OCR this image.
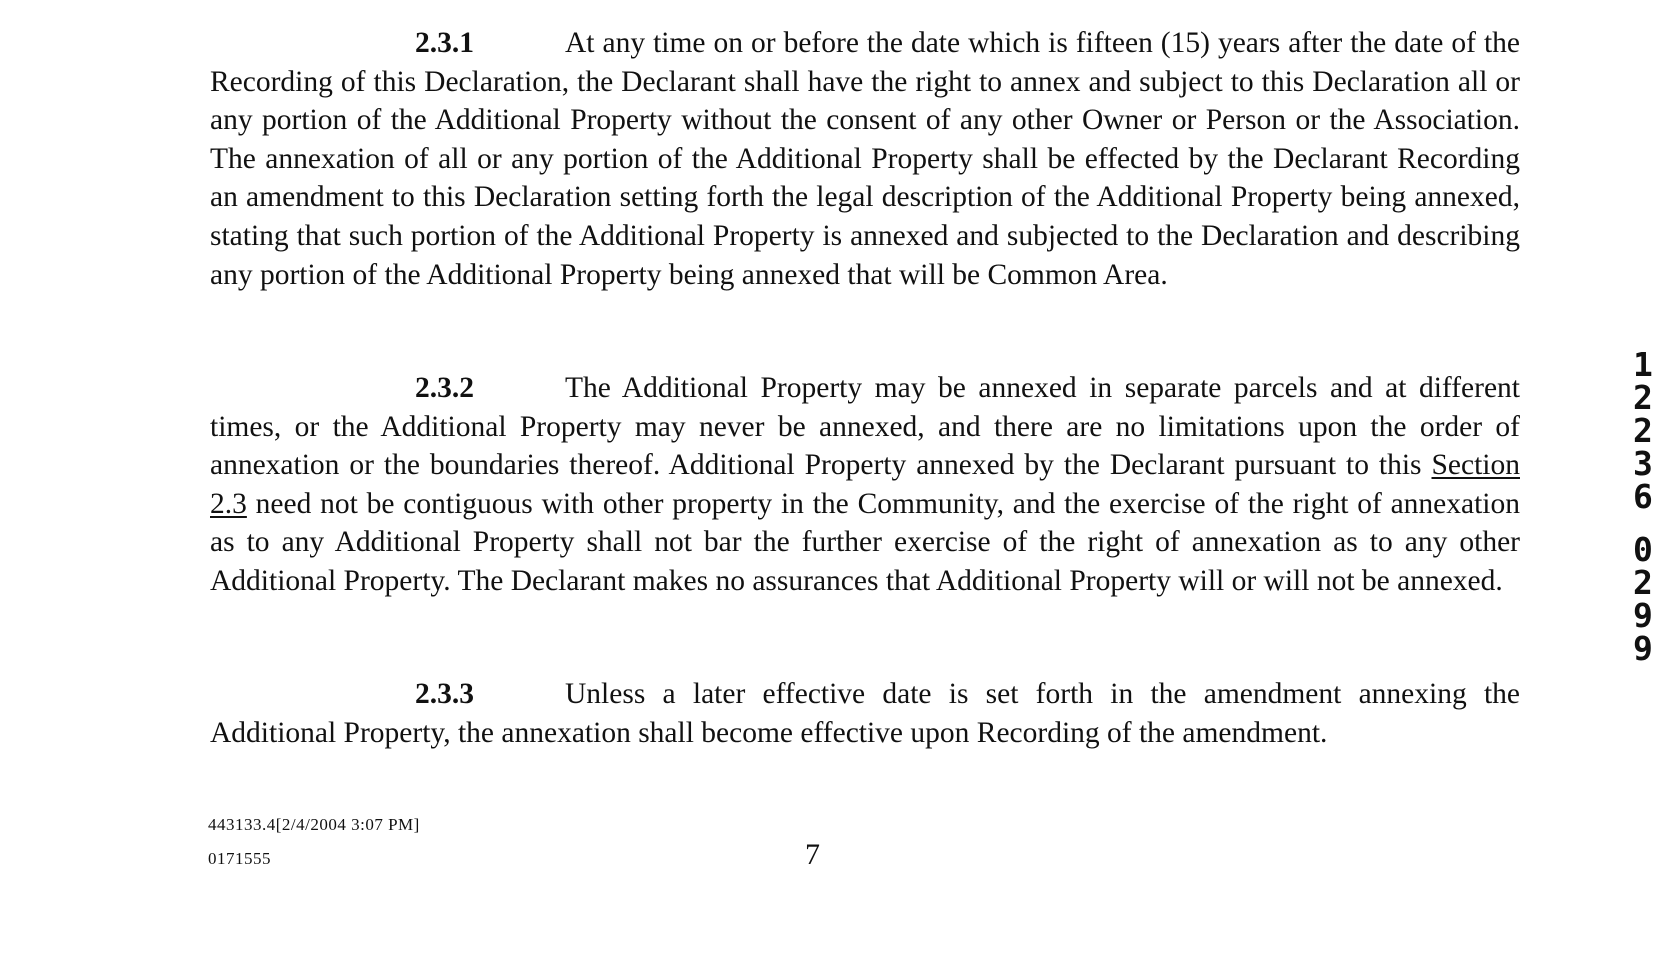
2.3.1	At any time on or before the date which is fifteen (15) years after the date of the Recording of this Declaration, the Declarant shall have the right to annex and subject to this Declaration all or any portion of the Additional Property without the consent of any other Owner or Person or the Association. The annexation of all or any portion of the Additional Property shall be effected by the Declarant Recording an amendment to this Declaration setting forth the legal description of the Additional Property being annexed, stating that such portion of the Additional Property is annexed and subjected to the Declaration and describing any portion of the Additional Property being annexed that will be Common Area.

2.3.2	The Additional Property may be annexed in separate parcels and at different times, or the Additional Property may never be annexed, and there are no limitations upon the order of annexation or the boundaries thereof. Additional Property annexed by the Declarant pursuant to this Section 2.3 need not be contiguous with other property in the Community, and the exercise of the right of annexation as to any Additional Property shall not bar the further exercise of the right of annexation as to any other Additional Property. The Declarant makes no assurances that Additional Property will or will not be annexed.

2.3.3	Unless a later effective date is set forth in the amendment annexing the Additional Property, the annexation shall become effective upon Recording of the amendment.

443133.4[2/4/2004 3:07 PM]
0171555	7
1
2
2
3
6
0
2
9
9
